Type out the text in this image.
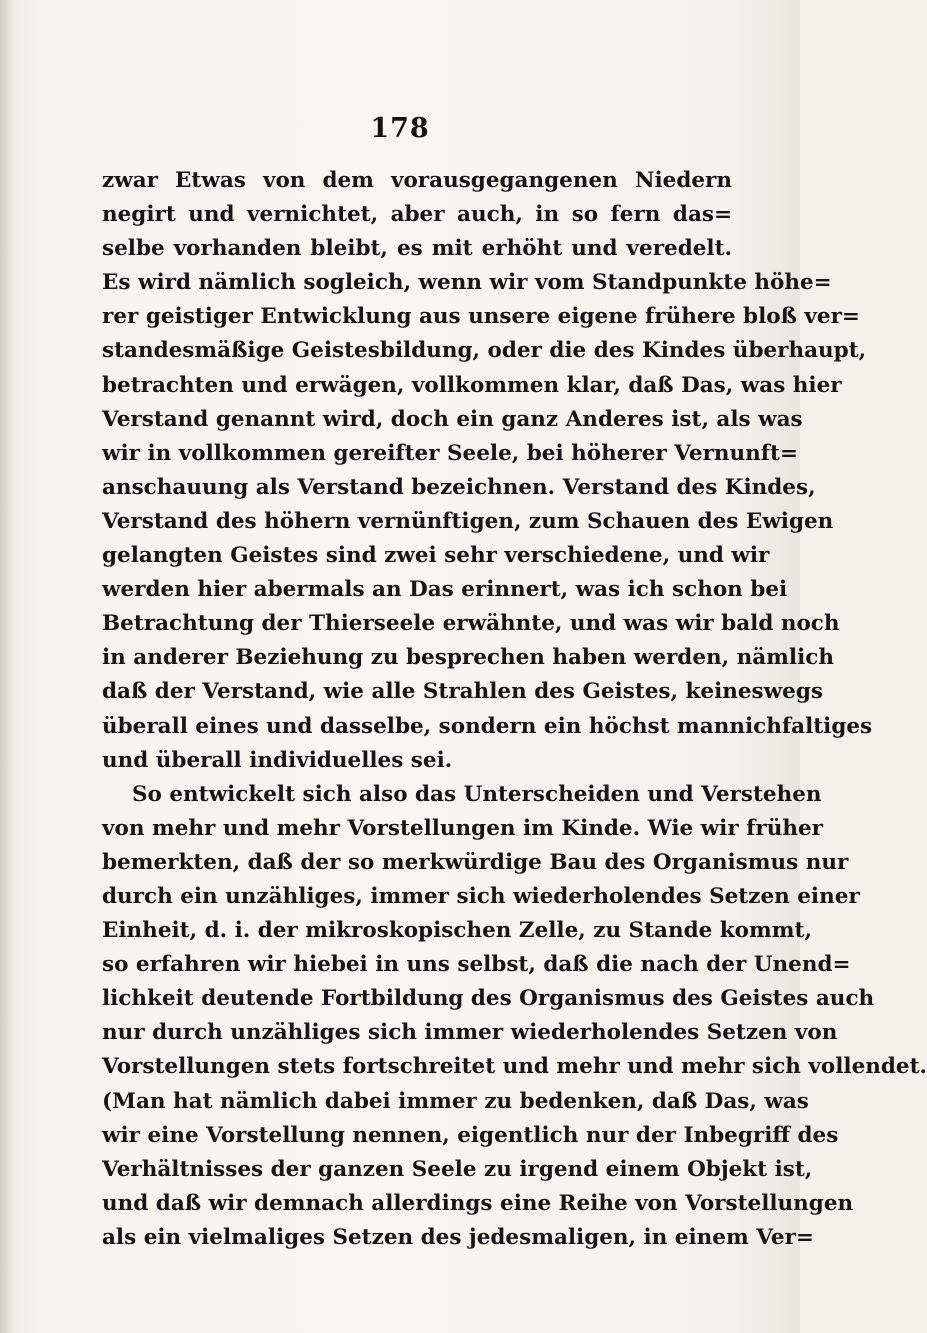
178
zwar Etwas von dem vorausgegangenen Niedern
negirt und vernichtet, aber auch, in so fern das=
selbe vorhanden bleibt, es mit erhöht und veredelt.
Es wird nämlich sogleich, wenn wir vom Standpunkte höhe=
rer geistiger Entwicklung aus unsere eigene frühere bloß ver=
standesmäßige Geistesbildung, oder die des Kindes überhaupt,
betrachten und erwägen, vollkommen klar, daß Das, was hier
Verstand genannt wird, doch ein ganz Anderes ist, als was
wir in vollkommen gereifter Seele, bei höherer Vernunft=
anschauung als Verstand bezeichnen. Verstand des Kindes,
Verstand des höhern vernünftigen, zum Schauen des Ewigen
gelangten Geistes sind zwei sehr verschiedene, und wir
werden hier abermals an Das erinnert, was ich schon bei
Betrachtung der Thierseele erwähnte, und was wir bald noch
in anderer Beziehung zu besprechen haben werden, nämlich
daß der Verstand, wie alle Strahlen des Geistes, keineswegs
überall eines und dasselbe, sondern ein höchst mannichfaltiges
und überall individuelles sei.
So entwickelt sich also das Unterscheiden und Verstehen
von mehr und mehr Vorstellungen im Kinde. Wie wir früher
bemerkten, daß der so merkwürdige Bau des Organismus nur
durch ein unzähliges, immer sich wiederholendes Setzen einer
Einheit, d. i. der mikroskopischen Zelle, zu Stande kommt,
so erfahren wir hiebei in uns selbst, daß die nach der Unend=
lichkeit deutende Fortbildung des Organismus des Geistes auch
nur durch unzähliges sich immer wiederholendes Setzen von
Vorstellungen stets fortschreitet und mehr und mehr sich vollendet.
(Man hat nämlich dabei immer zu bedenken, daß Das, was
wir eine Vorstellung nennen, eigentlich nur der Inbegriff des
Verhältnisses der ganzen Seele zu irgend einem Objekt ist,
und daß wir demnach allerdings eine Reihe von Vorstellungen
als ein vielmaliges Setzen des jedesmaligen, in einem Ver=
